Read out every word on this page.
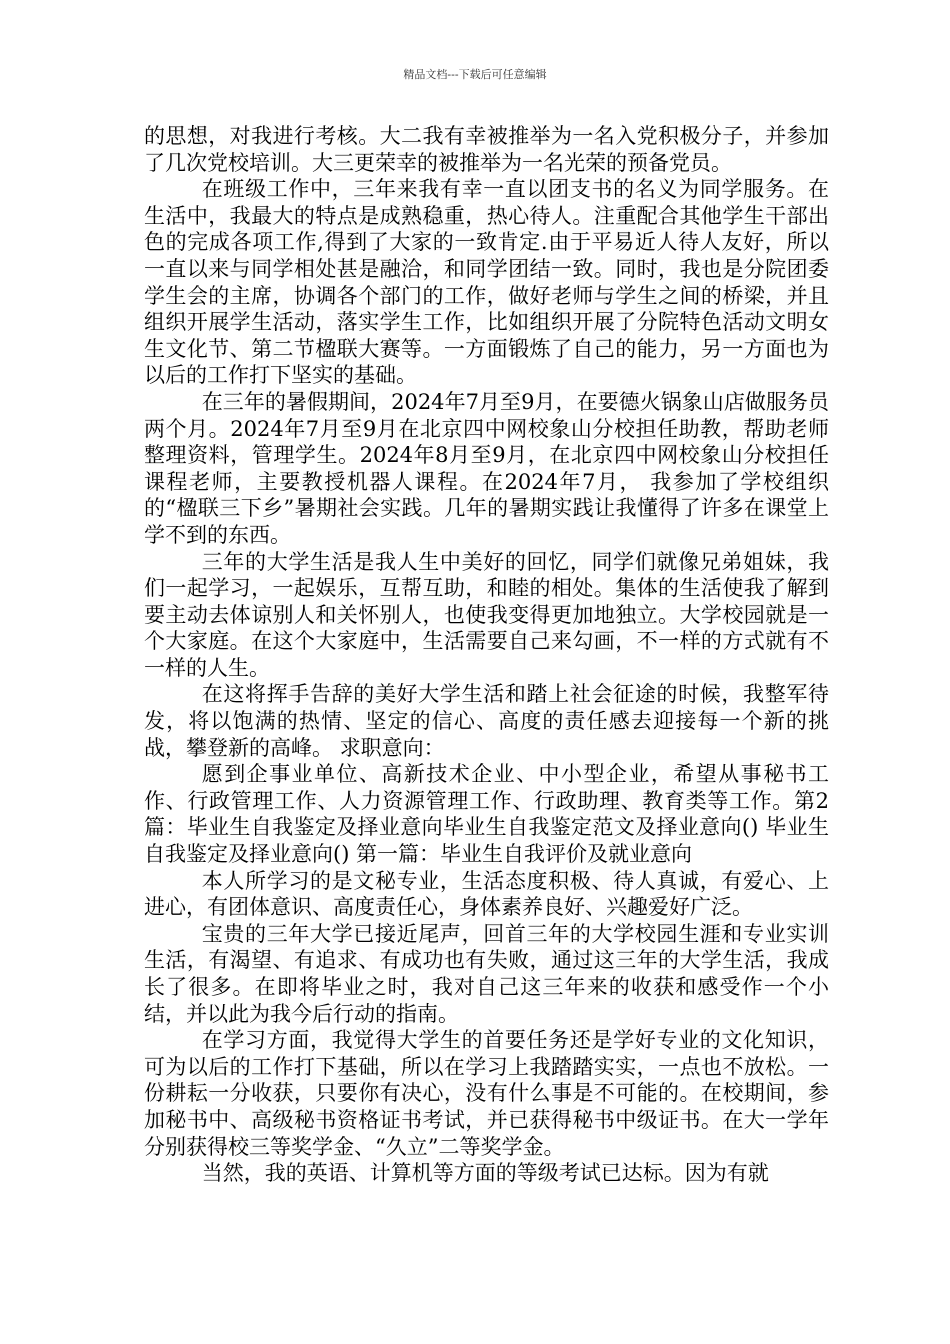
精品文档---下载后可任意编辑

的思想，对我进行考核。大二我有幸被推举为一名入党积极分子，并参加了几次党校培训。大三更荣幸的被推举为一名光荣的预备党员。

在班级工作中，三年来我有幸一直以团支书的名义为同学服务。在生活中，我最大的特点是成熟稳重，热心待人。注重配合其他学生干部出色的完成各项工作,得到了大家的一致肯定.由于平易近人待人友好，所以一直以来与同学相处甚是融洽，和同学团结一致。同时，我也是分院团委学生会的主席，协调各个部门的工作，做好老师与学生之间的桥梁，并且组织开展学生活动，落实学生工作，比如组织开展了分院特色活动文明女生文化节、第二节楹联大赛等。一方面锻炼了自己的能力，另一方面也为以后的工作打下坚实的基础。

在三年的暑假期间，2024年7月至9月，在要德火锅象山店做服务员两个月。2024年7月至9月在北京四中网校象山分校担任助教，帮助老师整理资料，管理学生。2024年8月至9月，在北京四中网校象山分校担任课程老师，主要教授机器人课程。在2024年7月， 我参加了学校组织的“楹联三下乡”暑期社会实践。几年的暑期实践让我懂得了许多在课堂上学不到的东西。

三年的大学生活是我人生中美好的回忆，同学们就像兄弟姐妹，我们一起学习，一起娱乐，互帮互助，和睦的相处。集体的生活使我了解到要主动去体谅别人和关怀别人，也使我变得更加地独立。大学校园就是一个大家庭。在这个大家庭中，生活需要自己来勾画，不一样的方式就有不一样的人生。

在这将挥手告辞的美好大学生活和踏上社会征途的时候，我整军待发，将以饱满的热情、坚定的信心、高度的责任感去迎接每一个新的挑战，攀登新的高峰。 求职意向：

愿到企事业单位、高新技术企业、中小型企业，希望从事秘书工作、行政管理工作、人力资源管理工作、行政助理、教育类等工作。第2篇：毕业生自我鉴定及择业意向毕业生自我鉴定范文及择业意向() 毕业生自我鉴定及择业意向() 第一篇：毕业生自我评价及就业意向

本人所学习的是文秘专业，生活态度积极、待人真诚，有爱心、上进心，有团体意识、高度责任心，身体素养良好、兴趣爱好广泛。

宝贵的三年大学已接近尾声，回首三年的大学校园生涯和专业实训生活，有渴望、有追求、有成功也有失败，通过这三年的大学生活，我成长了很多。在即将毕业之时，我对自己这三年来的收获和感受作一个小结，并以此为我今后行动的指南。

在学习方面，我觉得大学生的首要任务还是学好专业的文化知识，可为以后的工作打下基础，所以在学习上我踏踏实实，一点也不放松。一份耕耘一分收获，只要你有决心，没有什么事是不可能的。在校期间，参加秘书中、高级秘书资格证书考试，并已获得秘书中级证书。在大一学年分别获得校三等奖学金、“久立”二等奖学金。

当然，我的英语、计算机等方面的等级考试已达标。因为有就
